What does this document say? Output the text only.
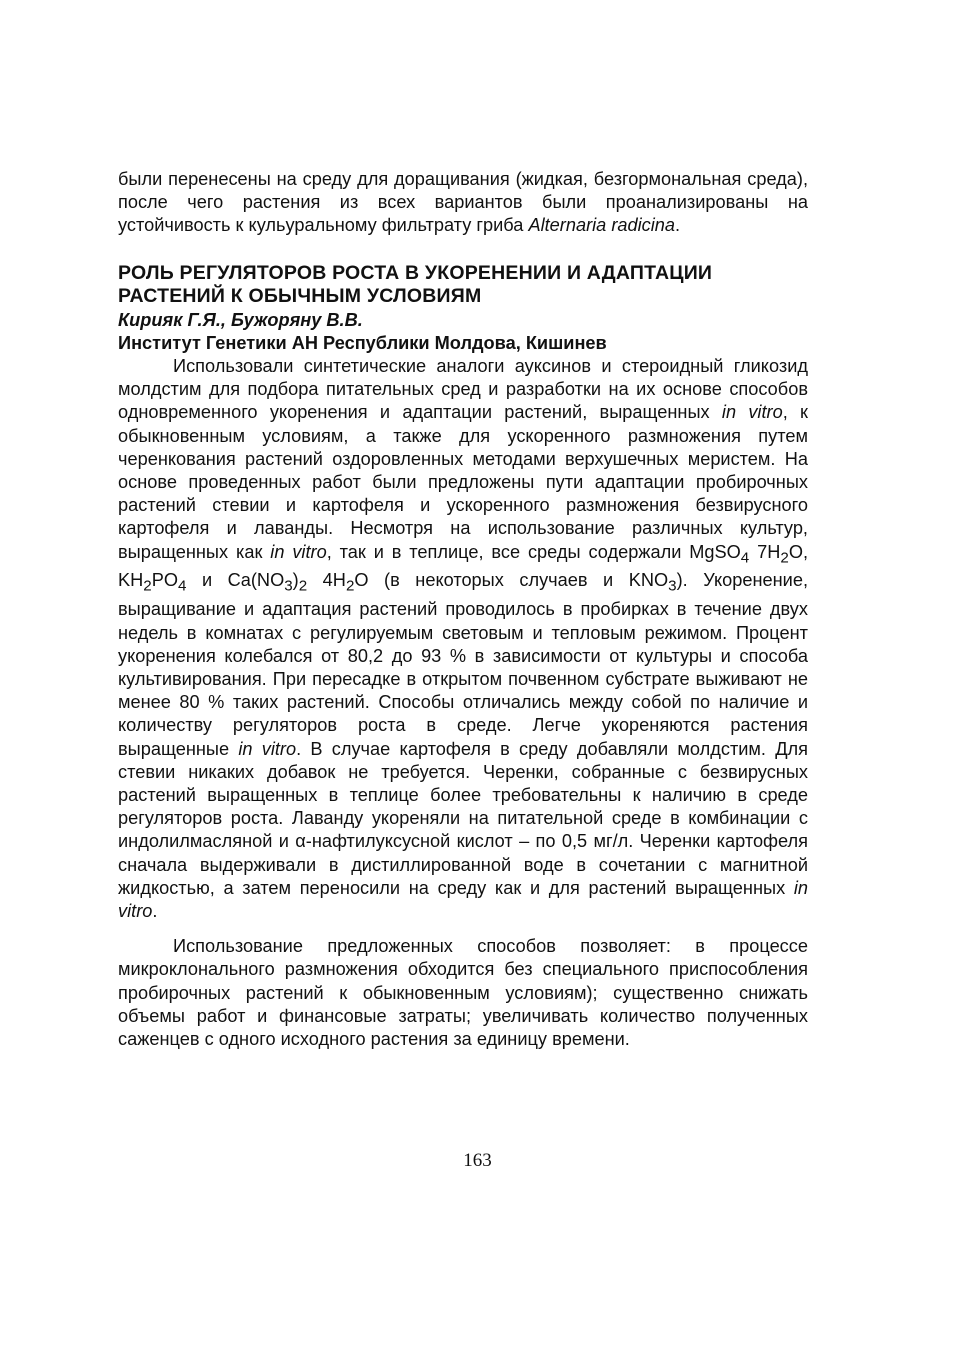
были перенесены на среду для доращивания (жидкая, безгормональная среда), после чего растения из всех вариантов были проанализированы на устойчивость к кульуральному фильтрату гриба Alternaria radicina.

РОЛЬ РЕГУЛЯТОРОВ РОСТА В УКОРЕНЕНИИ И АДАПТАЦИИ РАСТЕНИЙ К ОБЫЧНЫМ УСЛОВИЯМ

Кирияк Г.Я., Бужоряну В.В.

Институт Генетики АН Республики Молдова, Кишинев

Использовали синтетические аналоги ауксинов и стероидный гликозид молдстим для подбора питательных сред и разработки на их основе способов одновременного укоренения и адаптации растений, выращенных in vitro, к обыкновенным условиям, а также для ускоренного размножения путем черенкования растений оздоровленных методами верхушечных меристем. На основе проведенных работ были предложены пути адаптации пробирочных растений стевии и картофеля и ускоренного размножения безвирусного картофеля и лаванды. Несмотря на использование различных культур, выращенных как in vitro, так и в теплице, все среды содержали MgSO$_4$ $7H_2O$, $KH_2PO_4$ и $Ca(NO_3)_2$ $4H_2O$ (в некоторых случаев и $KNO_3$). Укоренение, выращивание и адаптация растений проводилось в пробирках в течение двух недель в комнатах с регулируемым световым и тепловым режимом. Процент укоренения колебался от 80,2 до 93 % в зависимости от культуры и способа культивирования. При пересадке в открытом почвенном субстрате выживают не менее 80 % таких растений. Способы отличались между собой по наличие и количеству регуляторов роста в среде. Легче укореняются растения выращенные in vitro. В случае картофеля в среду добавляли молдстим. Для стевии никаких добавок не требуется. Черенки, собранные с безвирусных растений выращенных в теплице более требовательны к наличию в среде регуляторов роста. Лаванду укореняли на питательной среде в комбинации с индолилмасляной и α-нафтилуксусной кислот – по 0,5 мг/л. Черенки картофеля сначала выдерживали в дистиллированной воде в сочетании с магнитной жидкостью, а затем переносили на среду как и для растений выращенных in vitro.

Использование предложенных способов позволяет: в процессе микроклонального размножения обходится без специального приспособления пробирочных растений к обыкновенным условиям); существенно снижать объемы работ и финансовые затраты; увеличивать количество полученных саженцев с одного исходного растения за единицу времени.

163
